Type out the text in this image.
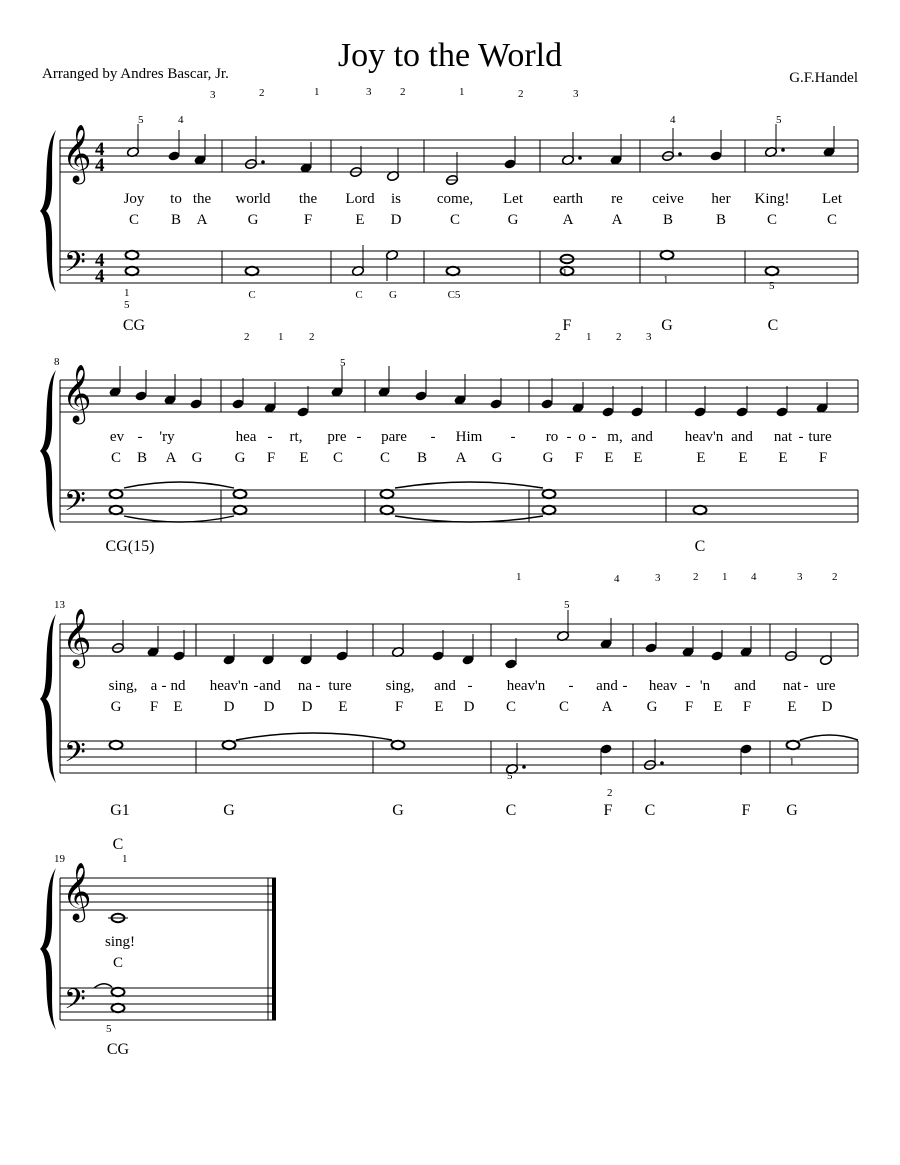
Joy to the World
Arranged by Andres Bascar, Jr.	G.F.Handel
3	2	1	3	2	1	2	3
5	4	4	5
𝄞
𝄢
4
4
4
4
Joy to the world the Lord is come, Let earth re ceive her King! Let
C B A	G	F	E D	C	G	A	A	B	B	C	C
1
5
1
1	5
C	C G	C5
CG	F	G	C
2	1 2	2 1 2 3
8	5
𝄞
𝄢
ev - 'ry	hea - rt, pre - pare - Him - ro - o - m, and heav'n and nat - ture
C B A G G F E C C B A G	G F E E	E E E F
CG(15)	C
13
1	4	3	2 1 4	3	2
5
𝄞
𝄢
sing, a - nd heav'n - and na - ture sing, and - heav'n - and - heav - 'n and nat - ure
G F E	D D D E	F E D C	C A G F E F E D
5
2
1
G1	G	G	C	F C	F G
19
C
1
𝄞
𝄢
sing!
C
5
CG
